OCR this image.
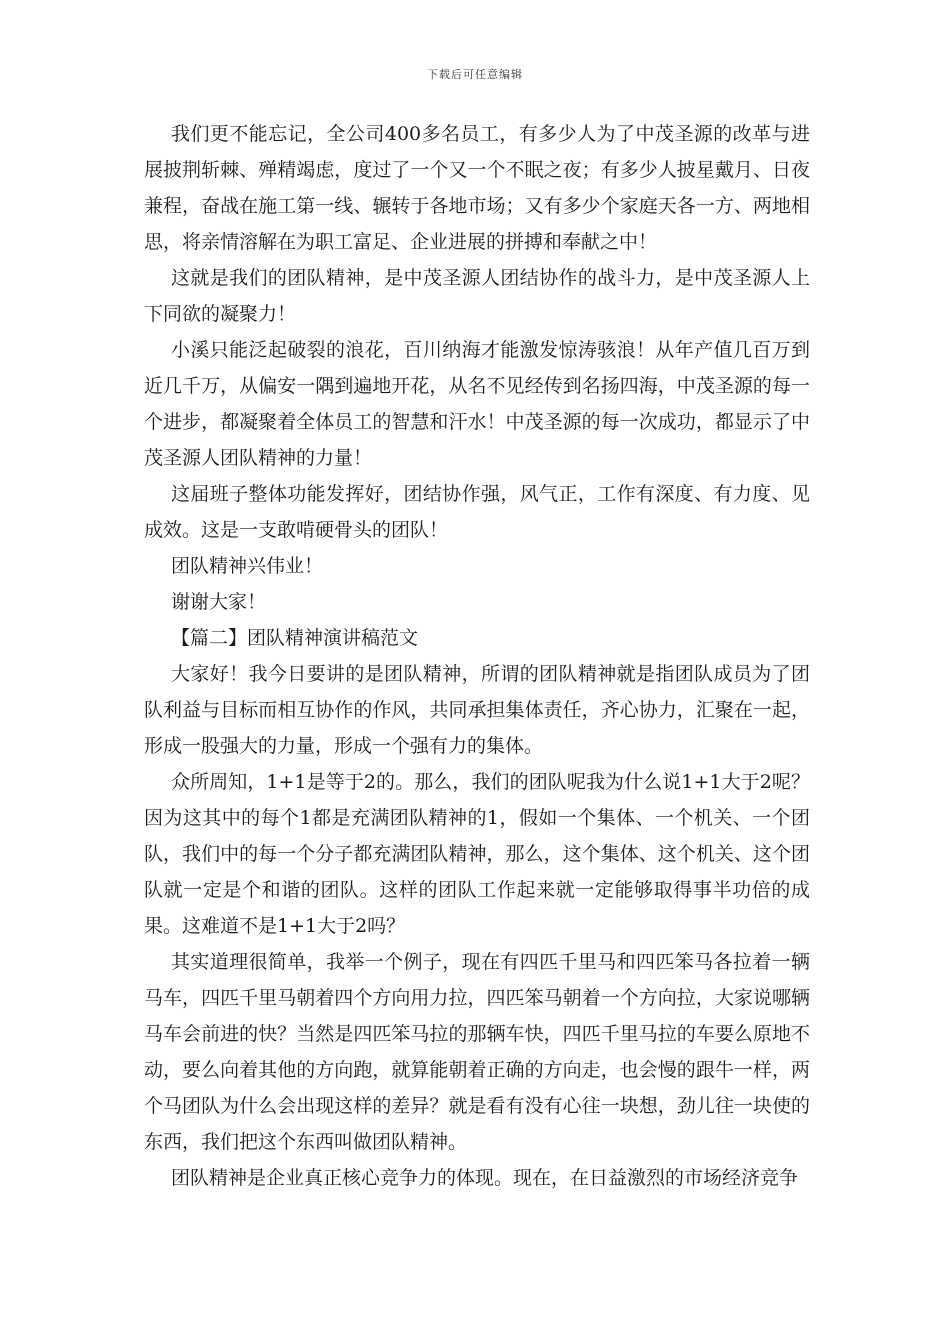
下载后可任意编辑

我们更不能忘记，全公司400多名员工，有多少人为了中茂圣源的改革与进展披荆斩棘、殚精竭虑，度过了一个又一个不眠之夜；有多少人披星戴月、日夜兼程，奋战在施工第一线、辗转于各地市场；又有多少个家庭天各一方、两地相思，将亲情溶解在为职工富足、企业进展的拼搏和奉献之中！

这就是我们的团队精神，是中茂圣源人团结协作的战斗力，是中茂圣源人上下同欲的凝聚力！

小溪只能泛起破裂的浪花，百川纳海才能激发惊涛骇浪！从年产值几百万到近几千万，从偏安一隅到遍地开花，从名不见经传到名扬四海，中茂圣源的每一个进步，都凝聚着全体员工的智慧和汗水！中茂圣源的每一次成功，都显示了中茂圣源人团队精神的力量！

这届班子整体功能发挥好，团结协作强，风气正，工作有深度、有力度、见成效。这是一支敢啃硬骨头的团队！

团队精神兴伟业！

谢谢大家！

【篇二】团队精神演讲稿范文

大家好！我今日要讲的是团队精神，所谓的团队精神就是指团队成员为了团队利益与目标而相互协作的作风，共同承担集体责任，齐心协力，汇聚在一起，形成一股强大的力量，形成一个强有力的集体。

众所周知，1+1是等于2的。那么，我们的团队呢我为什么说1+1大于2呢？因为这其中的每个1都是充满团队精神的1，假如一个集体、一个机关、一个团队，我们中的每一个分子都充满团队精神，那么，这个集体、这个机关、这个团队就一定是个和谐的团队。这样的团队工作起来就一定能够取得事半功倍的成果。这难道不是1+1大于2吗？

其实道理很简单，我举一个例子，现在有四匹千里马和四匹笨马各拉着一辆马车，四匹千里马朝着四个方向用力拉，四匹笨马朝着一个方向拉，大家说哪辆马车会前进的快？当然是四匹笨马拉的那辆车快，四匹千里马拉的车要么原地不动，要么向着其他的方向跑，就算能朝着正确的方向走，也会慢的跟牛一样，两个马团队为什么会出现这样的差异？就是看有没有心往一块想，劲儿往一块使的东西，我们把这个东西叫做团队精神。

团队精神是企业真正核心竞争力的体现。现在，在日益激烈的市场经济竞争
